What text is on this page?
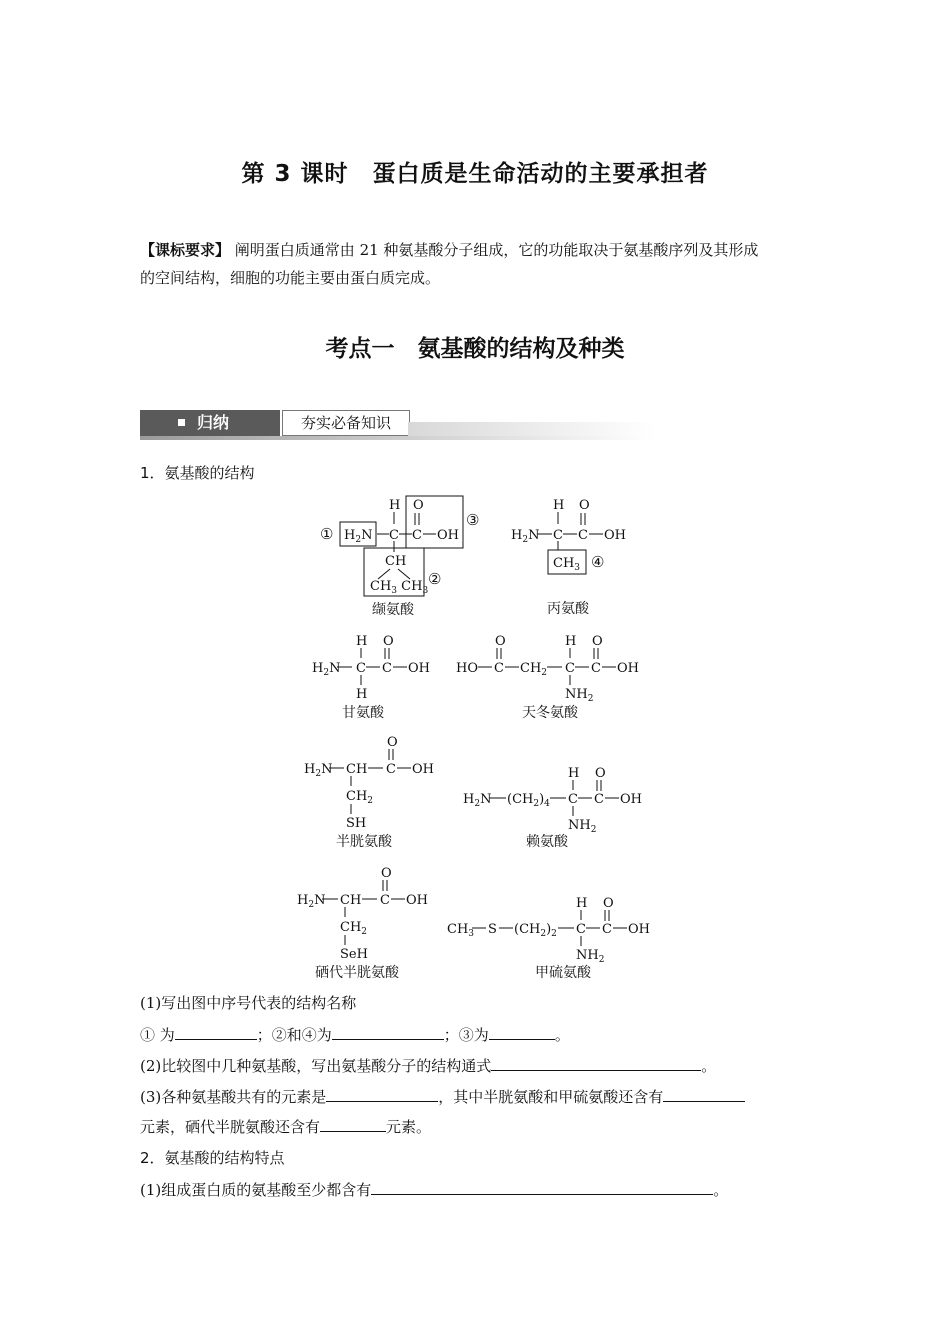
第 3 课时　蛋白质是生命活动的主要承担者
【课标要求】 阐明蛋白质通常由 21 种氨基酸分子组成，它的功能取决于氨基酸序列及其形成
的空间结构，细胞的功能主要由蛋白质完成。
考点一　氨基酸的结构及种类
归纳	夯实必备知识
1．氨基酸的结构
① $H_2N$ C
H
C
O
OH
③
CH
$CH_3$ $CH_3$
②
缬氨酸
$H_2N$ C
H
C
O
OH
$CH_3$ ④
丙氨酸
$H_2N$ C
H
H
C
O
OH
甘氨酸
HO C
O
$CH_2$ C
H
$NH_2$
C
O
OH
天冬氨酸
$H_2N$ CH C
O
OH
$CH_2$
SH
半胱氨酸
$H_2N$ $(CH_2)_4$ C
H
$NH_2$
C
O
OH
赖氨酸
$H_2N$ CH C
O
OH
$CH_2$
SeH
硒代半胱氨酸
$CH_3$ S $(CH_2)_2$ C
H
$NH_2$
C
O
OH
甲硫氨酸
(1)写出图中序号代表的结构名称
① 为	；②和④为	；③为	。
(2)比较图中几种氨基酸，写出氨基酸分子的结构通式	。
(3)各种氨基酸共有的元素是	，其中半胱氨酸和甲硫氨酸还含有
元素，硒代半胱氨酸还含有	元素。
2．氨基酸的结构特点
(1)组成蛋白质的氨基酸至少都含有	。
